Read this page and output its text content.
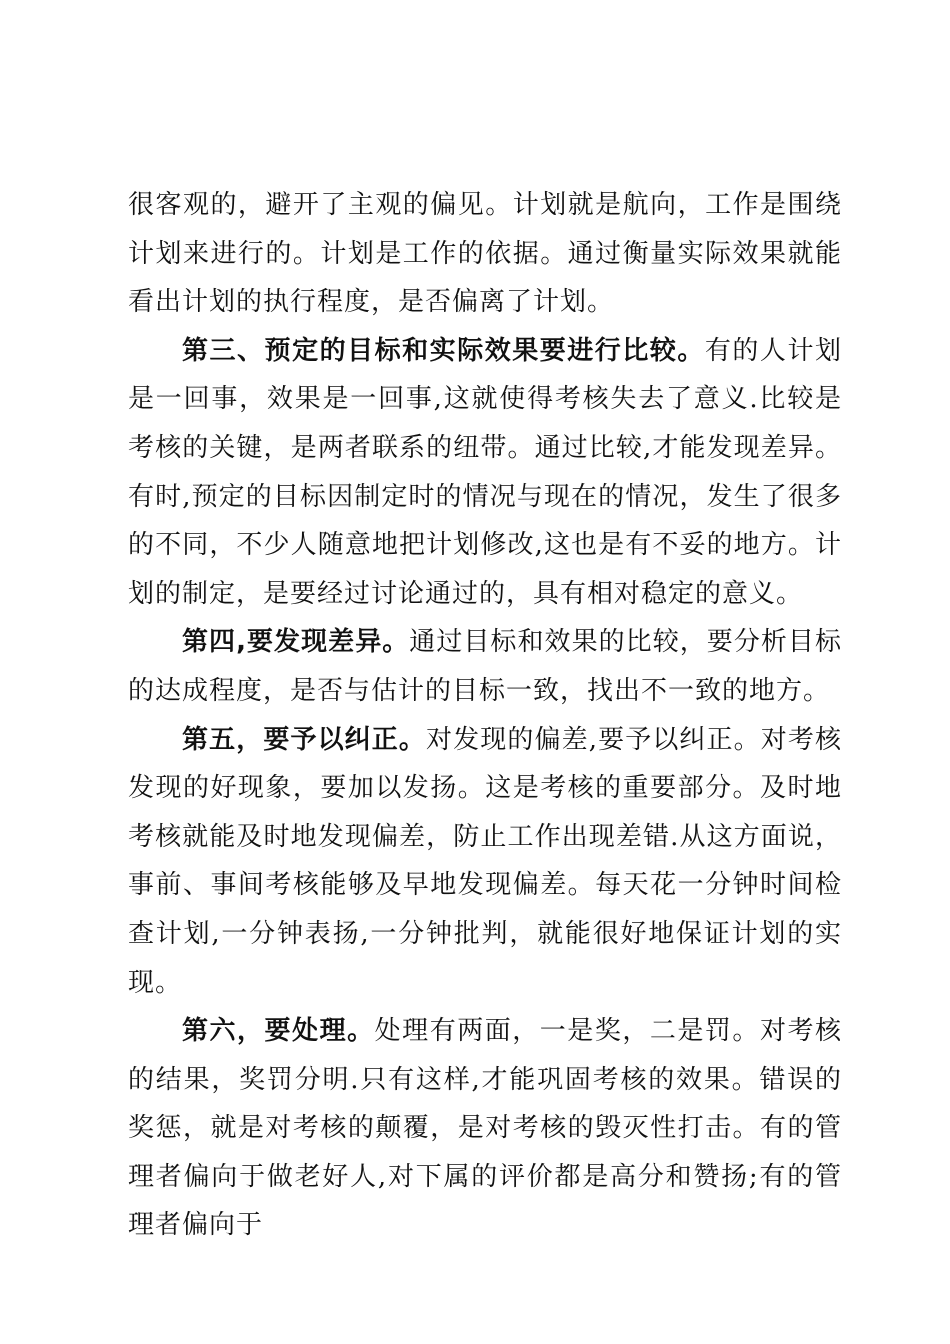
很客观的，避开了主观的偏见。计划就是航向，工作是围绕计划来进行的。计划是工作的依据。通过衡量实际效果就能看出计划的执行程度，是否偏离了计划。

第三、预定的目标和实际效果要进行比较。有的人计划是一回事，效果是一回事,这就使得考核失去了意义.比较是考核的关键，是两者联系的纽带。通过比较,才能发现差异。有时,预定的目标因制定时的情况与现在的情况，发生了很多的不同，不少人随意地把计划修改,这也是有不妥的地方。计划的制定，是要经过讨论通过的，具有相对稳定的意义。

第四,要发现差异。通过目标和效果的比较，要分析目标的达成程度，是否与估计的目标一致，找出不一致的地方。

第五，要予以纠正。对发现的偏差,要予以纠正。对考核发现的好现象，要加以发扬。这是考核的重要部分。及时地考核就能及时地发现偏差，防止工作出现差错.从这方面说，事前、事间考核能够及早地发现偏差。每天花一分钟时间检查计划,一分钟表扬,一分钟批判，就能很好地保证计划的实现。

第六，要处理。处理有两面，一是奖，二是罚。对考核的结果，奖罚分明.只有这样,才能巩固考核的效果。错误的奖惩，就是对考核的颠覆，是对考核的毁灭性打击。有的管理者偏向于做老好人,对下属的评价都是高分和赞扬;有的管理者偏向于
